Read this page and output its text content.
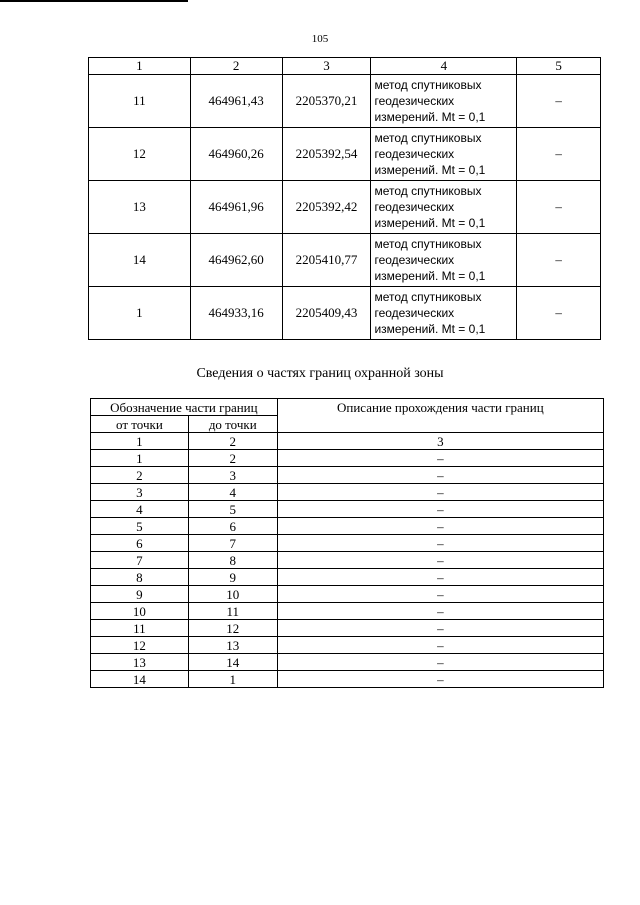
105
1	2	3	4	5
11	464961,43	2205370,21	метод спутниковых
геодезических
измерений. Mt = 0,1	–
12	464960,26	2205392,54	метод спутниковых
геодезических
измерений. Mt = 0,1	–
13	464961,96	2205392,42	метод спутниковых
геодезических
измерений. Mt = 0,1	–
14	464962,60	2205410,77	метод спутниковых
геодезических
измерений. Mt = 0,1	–
1	464933,16	2205409,43	метод спутниковых
геодезических
измерений. Mt = 0,1	–
Сведения о частях границ охранной зоны
Обозначение части границ		Описание прохождения части границ
от точки	до точки	
1	2	3
1	2	–
2	3	–
3	4	–
4	5	–
5	6	–
6	7	–
7	8	–
8	9	–
9	10	–
10	11	–
11	12	–
12	13	–
13	14	–
14	1	–
